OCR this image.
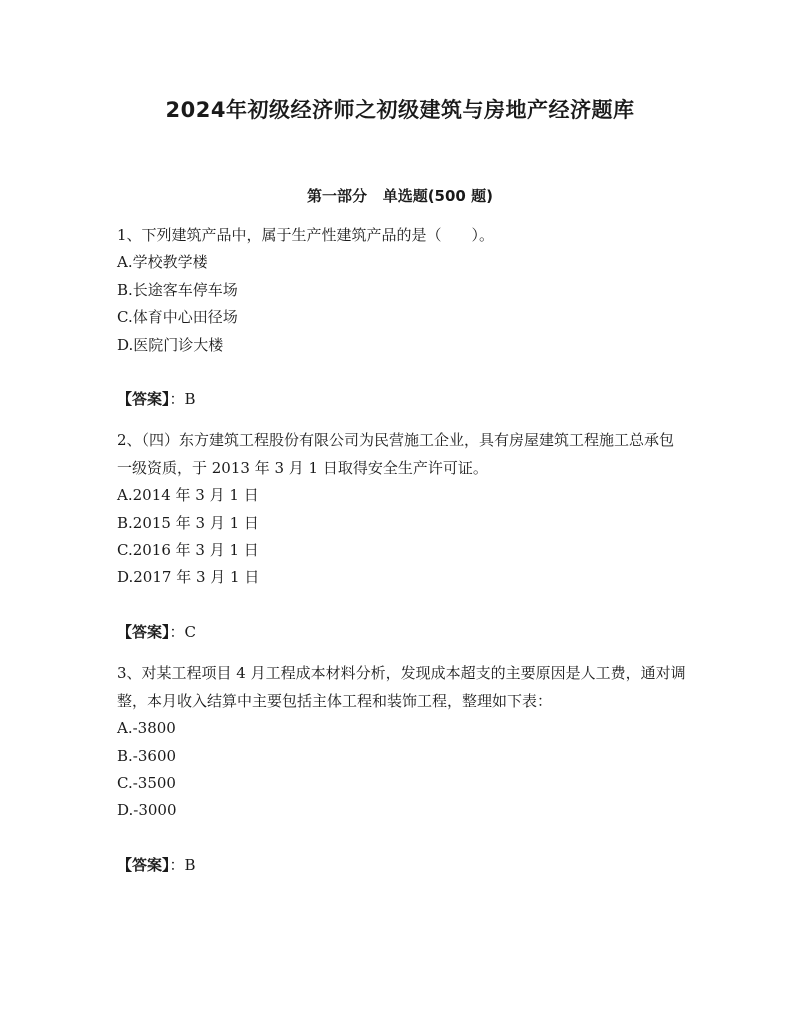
2024年初级经济师之初级建筑与房地产经济题库
第一部分   单选题(500 题)

1、下列建筑产品中，属于生产性建筑产品的是（　　）。

A.学校教学楼
B.长途客车停车场
C.体育中心田径场
D.医院门诊大楼

【答案】：B

2、（四）东方建筑工程股份有限公司为民营施工企业，具有房屋建筑工程施工总承包一级资质，于 2013 年 3 月 1 日取得安全生产许可证。

A.2014 年 3 月 1 日
B.2015 年 3 月 1 日
C.2016 年 3 月 1 日
D.2017 年 3 月 1 日

【答案】：C

3、对某工程项目 4 月工程成本材料分析，发现成本超支的主要原因是人工费，通对调整，本月收入结算中主要包括主体工程和装饰工程，整理如下表：

A.-3800
B.-3600
C.-3500
D.-3000

【答案】：B
